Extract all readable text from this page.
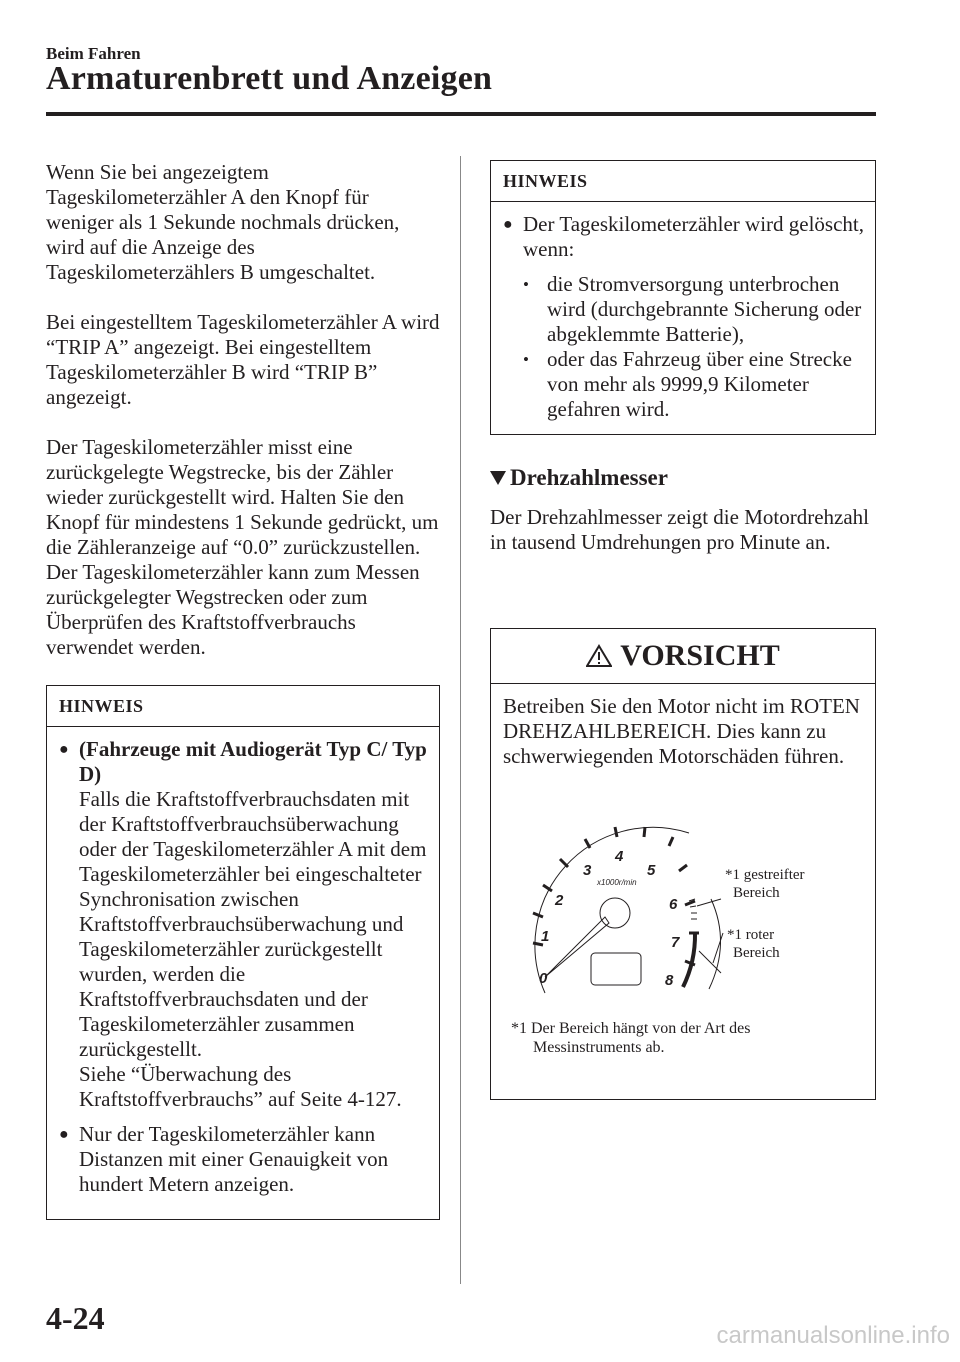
Beim Fahren
Armaturenbrett und Anzeigen

Wenn Sie bei angezeigtem Tageskilometerzähler A den Knopf für weniger als 1 Sekunde nochmals drücken, wird auf die Anzeige des Tageskilometerzählers B umgeschaltet.

Bei eingestelltem Tageskilometerzähler A wird “TRIP A” angezeigt. Bei eingestelltem Tageskilometerzähler B wird “TRIP B” angezeigt.

Der Tageskilometerzähler misst eine zurückgelegte Wegstrecke, bis der Zähler wieder zurückgestellt wird. Halten Sie den Knopf für mindestens 1 Sekunde gedrückt, um die Zähleranzeige auf “0.0” zurückzustellen. Der Tageskilometerzähler kann zum Messen zurückgelegter Wegstrecken oder zum Überprüfen des Kraftstoffverbrauchs verwendet werden.

HINWEIS
● (Fahrzeuge mit Audiogerät Typ C/ Typ D)
Falls die Kraftstoffverbrauchsdaten mit der Kraftstoffverbrauchsüberwachung oder der Tageskilometerzähler A mit dem Tageskilometerzähler bei eingeschalteter Synchronisation zwischen Kraftstoffverbrauchsüberwachung und Tageskilometerzähler zurückgestellt wurden, werden die Kraftstoffverbrauchsdaten und der Tageskilometerzähler zusammen zurückgestellt.
Siehe “Überwachung des Kraftstoffverbrauchs” auf Seite 4-127.
● Nur der Tageskilometerzähler kann Distanzen mit einer Genauigkeit von hundert Metern anzeigen.
HINWEIS
● Der Tageskilometerzähler wird gelöscht, wenn:
• die Stromversorgung unterbrochen wird (durchgebrannte Sicherung oder abgeklemmte Batterie),
• oder das Fahrzeug über eine Strecke von mehr als 9999,9 Kilometer gefahren wird.
Drehzahlmesser

Der Drehzahlmesser zeigt die Motordrehzahl in tausend Umdrehungen pro Minute an.

VORSICHT
Betreiben Sie den Motor nicht im ROTEN DREHZAHLBEREICH. Dies kann zu schwerwiegenden Motorschäden führen.
0
1
2
3
4
5
6
7
8
x1000r/min	*1 gestreifter
Bereich
*1 roter
Bereich
*1 Der Bereich hängt von der Art des
Messinstruments ab.
4-24	carmanualsonline.info
